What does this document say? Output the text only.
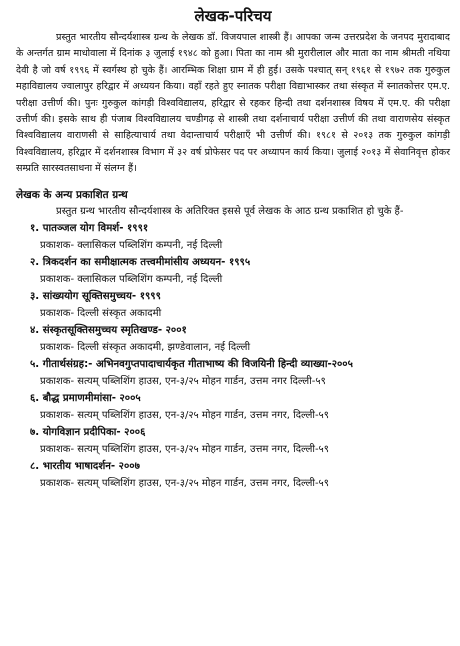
लेखक-परिचय

प्रस्तुत भारतीय सौन्दर्यशास्त्र ग्रन्थ के लेखक डॉ. विजयपाल शास्त्री हैं। आपका जन्म उत्तरप्रदेश के जनपद मुरादाबाद के अन्तर्गत ग्राम माधोवाला में दिनांक ३ जुलाई १९४८ को हुआ। पिता का नाम श्री मुरारीलाल और माता का नाम श्रीमती नथिया देवी है जो वर्ष १९९६ में स्वर्गस्थ हो चुके हैं। आरम्भिक शिक्षा ग्राम में ही हुई। उसके पश्चात् सन् १९६१ से १९७२ तक गुरुकुल महाविद्यालय ज्वालापुर हरिद्वार में अध्ययन किया। वहाँ रहते हुए स्नातक परीक्षा विद्याभास्कर तथा संस्कृत में स्नातकोत्तर एम.ए. परीक्षा उत्तीर्ण की। पुनः गुरुकुल कांगड़ी विश्वविद्यालय, हरिद्वार से रहकर हिन्दी तथा दर्शनशास्त्र विषय में एम.ए. की परीक्षा उत्तीर्ण की। इसके साथ ही पंजाब विश्वविद्यालय चण्डीगढ़ से शास्त्री तथा दर्शनाचार्य परीक्षा उत्तीर्ण की तथा वाराणसेय संस्कृत विश्वविद्यालय वाराणसी से साहित्याचार्य तथा वेदान्ताचार्य परीक्षाएँ भी उत्तीर्ण की। १९८१ से २०१३ तक गुरुकुल कांगड़ी विश्वविद्यालय, हरिद्वार में दर्शनशास्त्र विभाग में ३२ वर्ष प्रोफेसर पद पर अध्यापन कार्य किया। जुलाई २०१३ में सेवानिवृत्त होकर सम्प्रति सारस्वतसाधना में संलग्न हैं।

लेखक के अन्य प्रकाशित ग्रन्थ

प्रस्तुत ग्रन्थ भारतीय सौन्दर्यशास्त्र के अतिरिक्त इससे पूर्व लेखक के आठ ग्रन्थ प्रकाशित हो चुके हैं-

१. पातञ्जल योग विमर्श- १९९१
प्रकाशक- क्लासिकल पब्लिशिंग कम्पनी, नई दिल्ली
२. त्रिकदर्शन का समीक्षात्मक तत्त्वमीमांसीय अध्ययन- १९९५
प्रकाशक- क्लासिकल पब्लिशिंग कम्पनी, नई दिल्ली
३. सांख्ययोग सूक्तिसमुच्चय- १९९९
प्रकाशक- दिल्ली संस्कृत अकादमी
४. संस्कृतसूक्तिसमुच्चय स्मृतिखण्ड- २००१
प्रकाशक- दिल्ली संस्कृत अकादमी, झण्डेवालान, नई दिल्ली
५. गीतार्थसंग्रह:- अभिनवगुप्तपादाचार्यकृत गीताभाष्य की विजयिनी हिन्दी व्याख्या-२००५
प्रकाशक- सत्यम् पब्लिशिंग हाउस, एन-३/२५ मोहन गार्डन, उत्तम नगर दिल्ली-५९
६. बौद्ध प्रमाणमीमांसा- २००५
प्रकाशक- सत्यम् पब्लिशिंग हाउस, एन-३/२५ मोहन गार्डन, उत्तम नगर, दिल्ली-५९
७. योगविज्ञान प्रदीपिका- २००६
प्रकाशक- सत्यम् पब्लिशिंग हाउस, एन-३/२५ मोहन गार्डन, उत्तम नगर, दिल्ली-५९
८. भारतीय भाषादर्शन- २००७
प्रकाशक- सत्यम् पब्लिशिंग हाउस, एन-३/२५ मोहन गार्डन, उत्तम नगर, दिल्ली-५९
